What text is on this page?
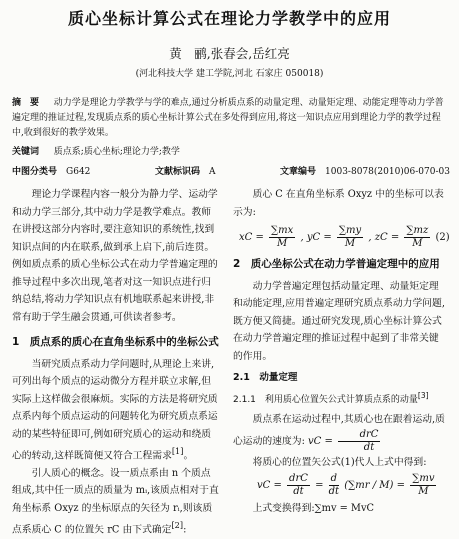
质心坐标计算公式在理论力学教学中的应用
黄　鹂,张春会,岳红亮
(河北科技大学 建工学院,河北 石家庄 050018)
摘　要 　 动力学是理论力学教学与学的难点,通过分析质点系的动量定理、动量矩定理、动能定理等动力学普遍定理的推证过程,发现质点系的质心坐标计算公式在多处得到应用,将这一知识点应用到理论力学的教学过程中,收到很好的教学效果。
关键词 　 质点系;质心坐标;理论力学;教学
中图分类号　 G642	文献标识码　 A	文章编号　 1003-8078(2010)06-070-03

理论力学课程内容一般分为静力学、运动学和动力学三部分,其中动力学是教学难点。教师在讲授这部分内容时,要注意知识的系统性,找到知识点间的内在联系,做到承上启下,前后连贯。例如质点系的质心坐标公式在动力学普遍定理的推导过程中多次出现,笔者对这一知识点进行归纳总结,将动力学知识点有机地联系起来讲授,非常有助于学生融会贯通,可供读者参考。

1　质点系的质心在直角坐标系中的坐标公式

当研究质点系动力学问题时,从理论上来讲,可列出每个质点的运动微分方程并联立求解,但实际上这样做会很麻烦。实际的方法是将研究质点系内每个质点运动的问题转化为研究质点系运动的某些特征即可,例如研究质心的运动和绕质心的转动,这样既简便又符合工程需求[1]。

引人质心的概念。设一质点系由 n 个质点组成,其中任一质点的质量为 mᵢ,该质点相对于直角坐标系 Oxyz 的坐标原点的矢径为 rᵢ,则该质点系质心 C 的位置矢 rC 由下式确定[2]:

质心 C 在直角坐标系 Oxyz 中的坐标可以表示为:

xC = $\frac{\sum mx}{M}$ , yC = $\frac{\sum my}{M}$ , zC = $\frac{\sum mz}{M} (2)$
2　质心坐标公式在动力学普遍定理中的应用

动力学普遍定理包括动量定理、动量矩定理和动能定理,应用普遍定理研究质点系动力学问题,既方便又简捷。通过研究发现,质心坐标计算公式在动力学普遍定理的推证过程中起到了非常关键的作用。

2.1　动量定理
2.1.1　利用质心位置矢公式计算质点系的动量[3]

质点系在运动过程中,其质心也在跟着运动,质心运动的速度为: vC = $\frac{\text{drC}}{dt}$

将质心的位置矢公式(1)代人上式中得到:

vC = $\frac{\text{drC}}{dt} = \frac{d}{dt} (\sum mr / M) = \frac{\sum mv}{M}$

上式变换得到:∑mv = MvC
